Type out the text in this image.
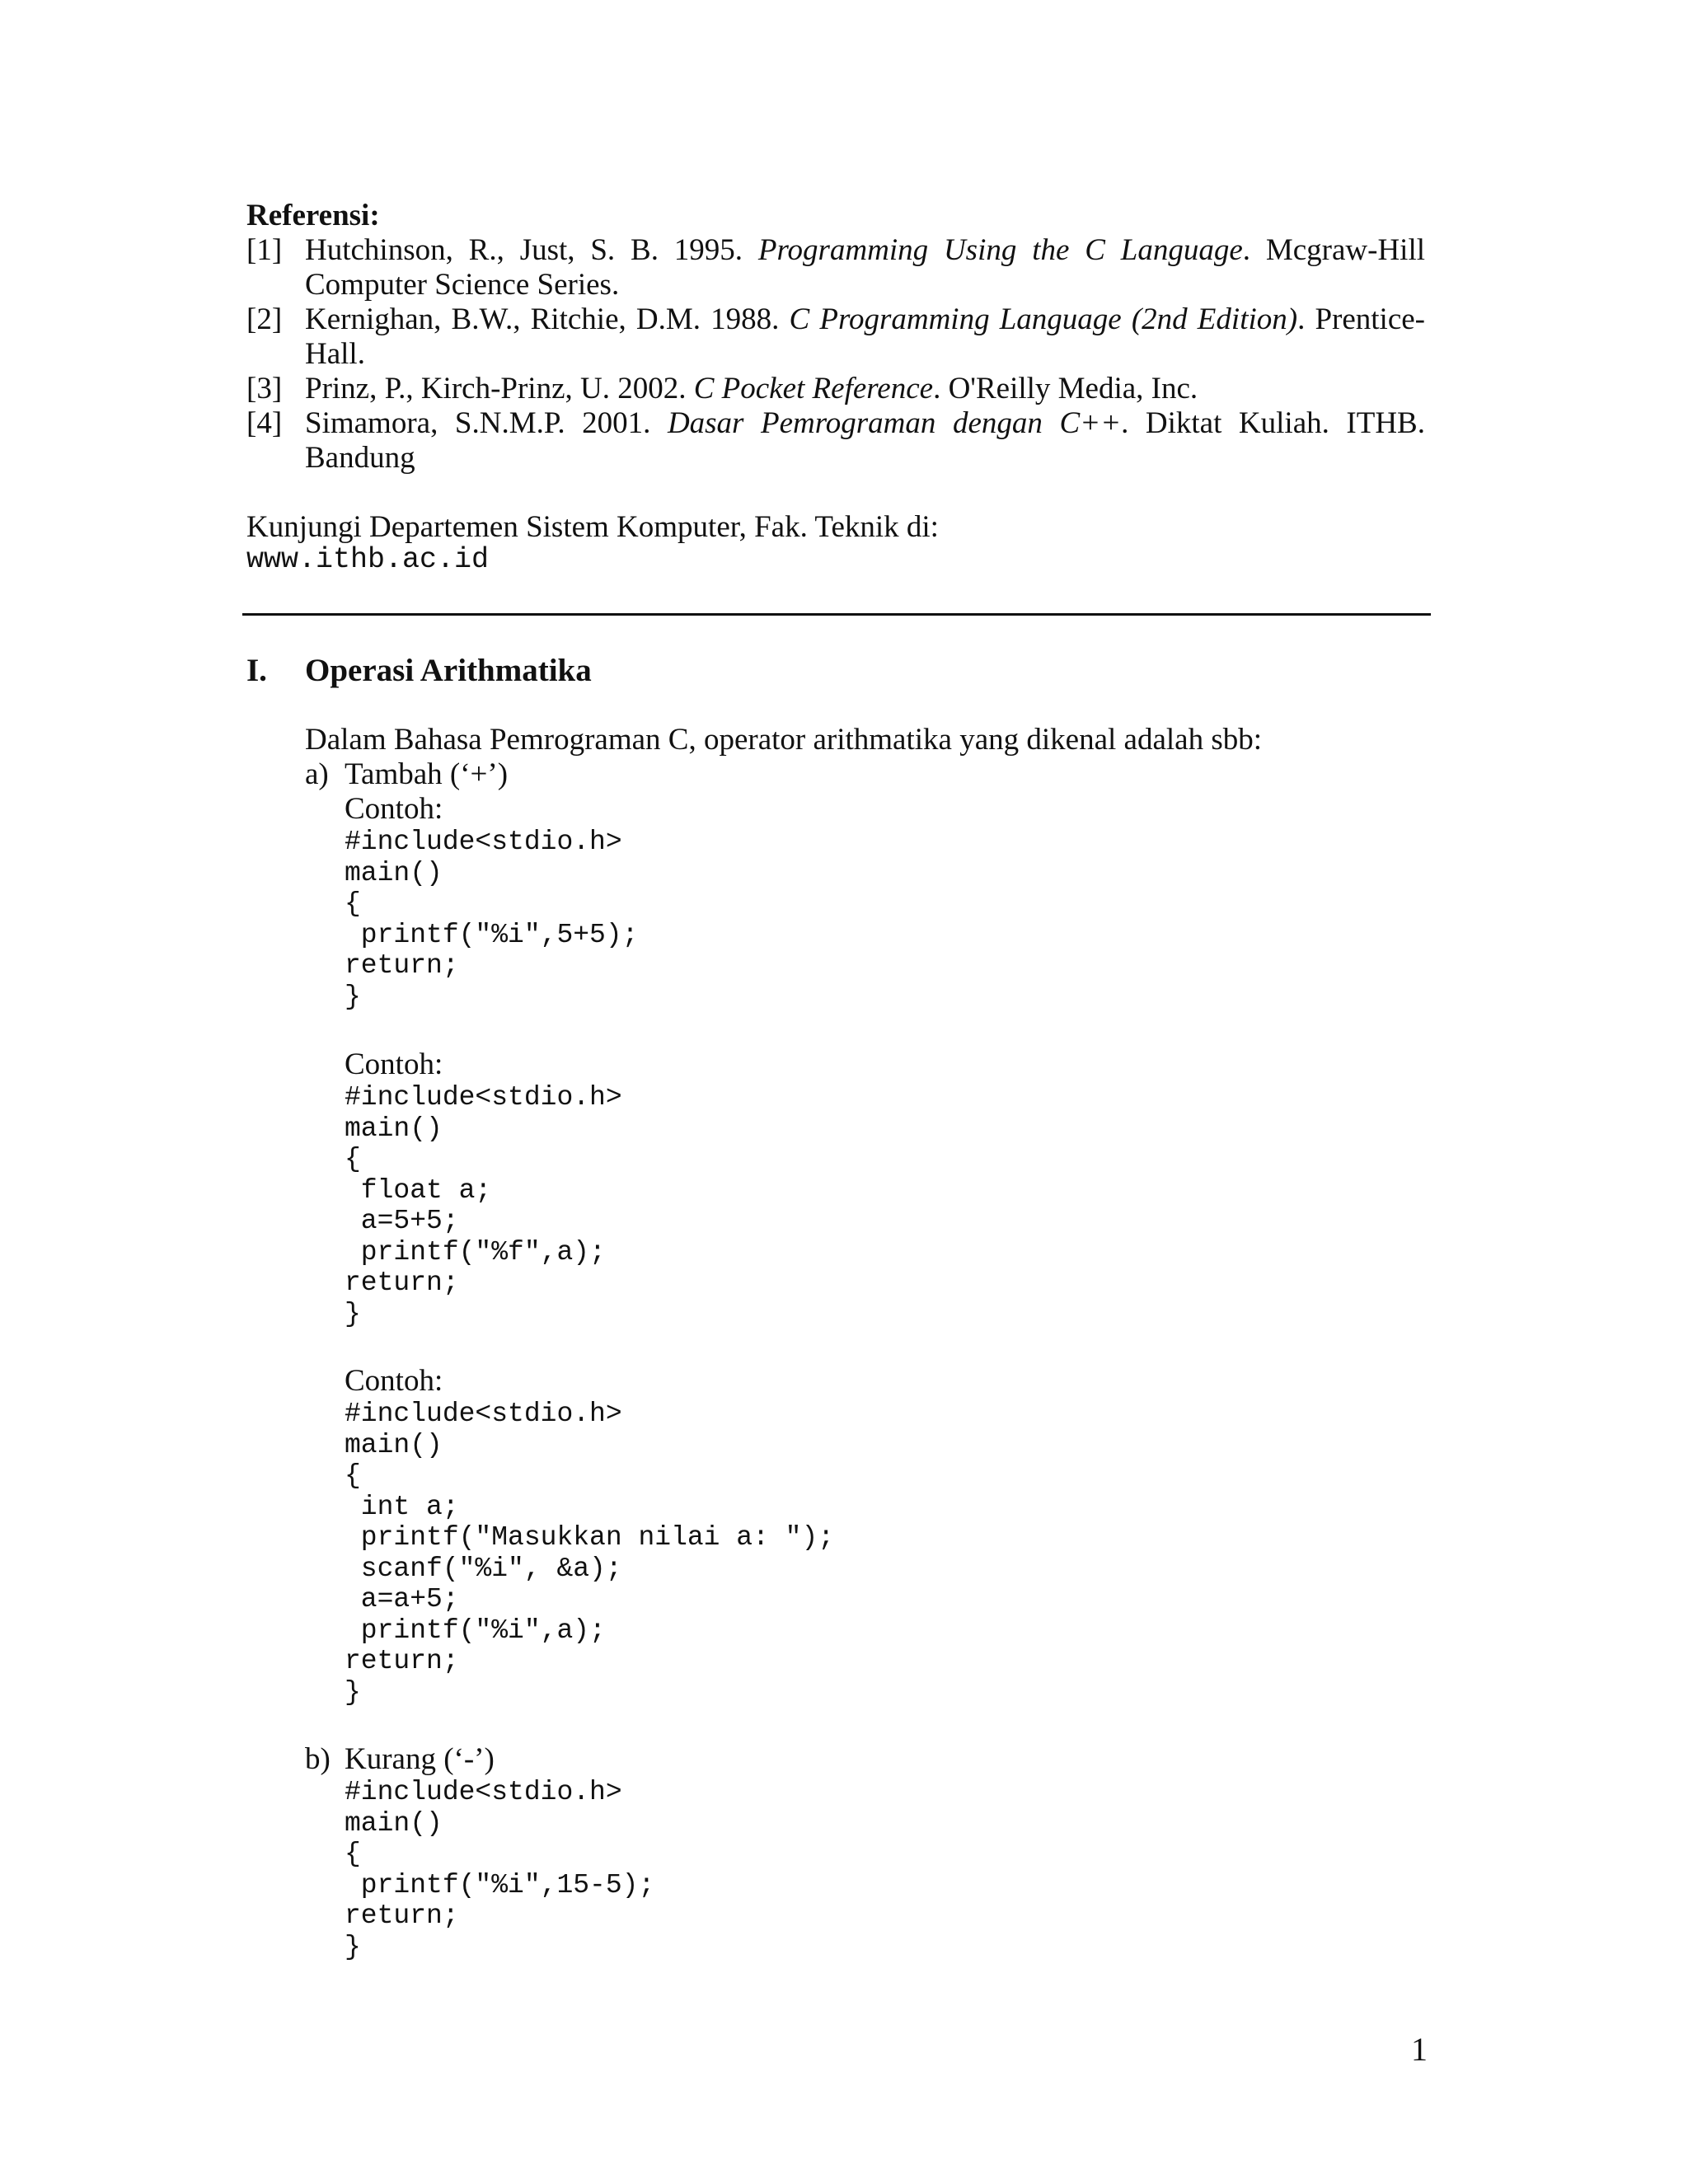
Referensi:
[1] Hutchinson, R., Just, S. B. 1995. Programming Using the C Language. Mcgraw-Hill Computer Science Series.
[2] Kernighan, B.W., Ritchie, D.M. 1988. C Programming Language (2nd Edition). Prentice-Hall.
[3] Prinz, P., Kirch-Prinz, U. 2002. C Pocket Reference. O'Reilly Media, Inc.
[4] Simamora, S.N.M.P. 2001. Dasar Pemrograman dengan C++. Diktat Kuliah. ITHB. Bandung
Kunjungi Departemen Sistem Komputer, Fak. Teknik di:
www.ithb.ac.id
I. Operasi Arithmatika
Dalam Bahasa Pemrograman C, operator arithmatika yang dikenal adalah sbb:
a) Tambah (‘+’)
Contoh:
#include<stdio.h>
main()
{
printf("%i",5+5);
return;
}
Contoh:
#include<stdio.h>
main()
{
float a;
a=5+5;
printf("%f",a);
return;
}
Contoh:
#include<stdio.h>
main()
{
int a;
printf("Masukkan nilai a: ");
scanf("%i", &a);
a=a+5;
printf("%i",a);
return;
}
b) Kurang (‘-’)
#include<stdio.h>
main()
{
printf("%i",15-5);
return;
}
1
